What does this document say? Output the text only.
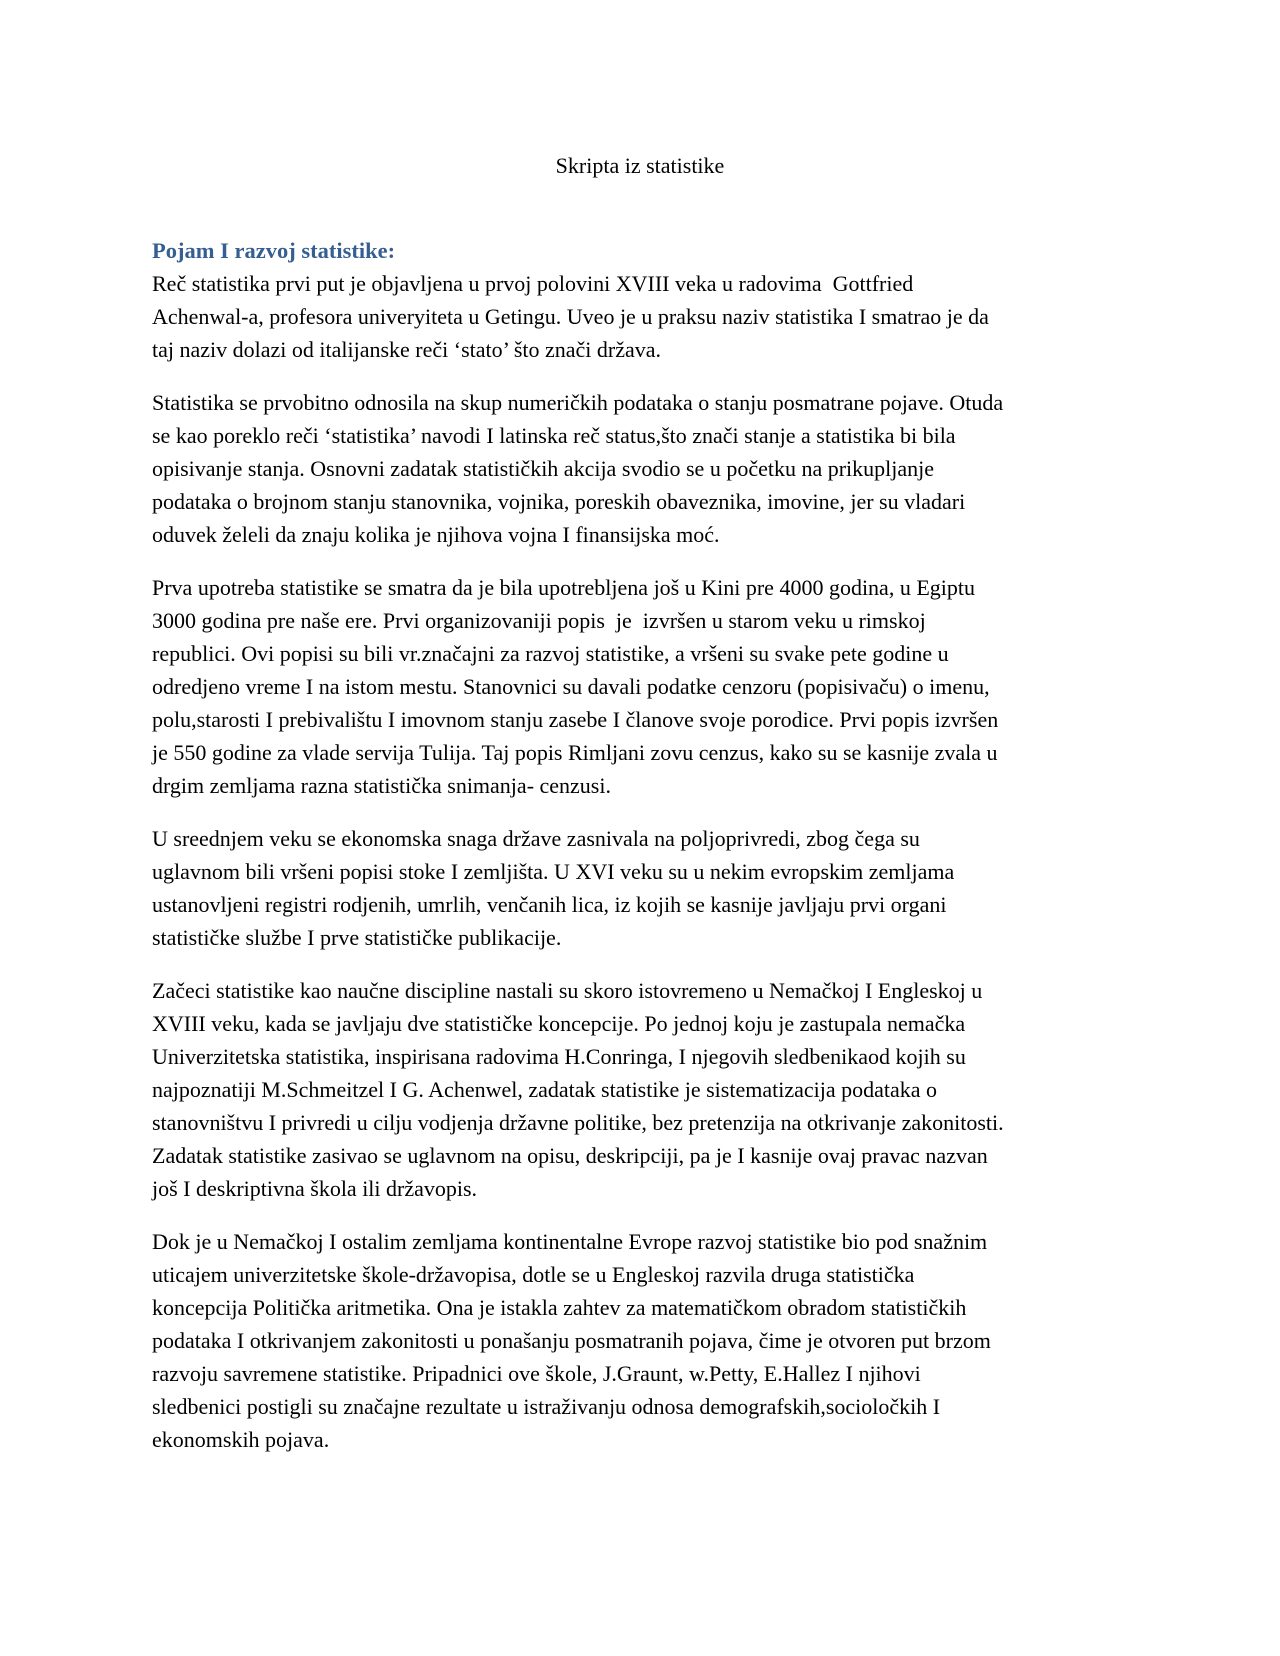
Skripta iz statistike
Pojam I razvoj statistike:
Reč statistika prvi put je objavljena u prvoj polovini XVIII veka u radovima  Gottfried
Achenwal-a, profesora univeryiteta u Getingu. Uveo je u praksu naziv statistika I smatrao je da
taj naziv dolazi od italijanske reči ‘stato’ što znači država.
Statistika se prvobitno odnosila na skup numeričkih podataka o stanju posmatrane pojave. Otuda
se kao poreklo reči ‘statistika’ navodi I latinska reč status,što znači stanje a statistika bi bila
opisivanje stanja. Osnovni zadatak statističkih akcija svodio se u početku na prikupljanje
podataka o brojnom stanju stanovnika, vojnika, poreskih obaveznika, imovine, jer su vladari
oduvek želeli da znaju kolika je njihova vojna I finansijska moć.
Prva upotreba statistike se smatra da je bila upotrebljena još u Kini pre 4000 godina, u Egiptu
3000 godina pre naše ere. Prvi organizovaniji popis  je  izvršen u starom veku u rimskoj
republici. Ovi popisi su bili vr.značajni za razvoj statistike, a vršeni su svake pete godine u
odredjeno vreme I na istom mestu. Stanovnici su davali podatke cenzoru (popisivaču) o imenu,
polu,starosti I prebivalištu I imovnom stanju zasebe I članove svoje porodice. Prvi popis izvršen
je 550 godine za vlade servija Tulija. Taj popis Rimljani zovu cenzus, kako su se kasnije zvala u
drgim zemljama razna statistička snimanja- cenzusi.
U sreednjem veku se ekonomska snaga države zasnivala na poljoprivredi, zbog čega su
uglavnom bili vršeni popisi stoke I zemljišta. U XVI veku su u nekim evropskim zemljama
ustanovljeni registri rodjenih, umrlih, venčanih lica, iz kojih se kasnije javljaju prvi organi
statističke službe I prve statističke publikacije.
Začeci statistike kao naučne discipline nastali su skoro istovremeno u Nemačkoj I Engleskoj u
XVIII veku, kada se javljaju dve statističke koncepcije. Po jednoj koju je zastupala nemačka
Univerzitetska statistika, inspirisana radovima H.Conringa, I njegovih sledbenikaod kojih su
najpoznatiji M.Schmeitzel I G. Achenwel, zadatak statistike je sistematizacija podataka o
stanovništvu I privredi u cilju vodjenja državne politike, bez pretenzija na otkrivanje zakonitosti.
Zadatak statistike zasivao se uglavnom na opisu, deskripciji, pa je I kasnije ovaj pravac nazvan
još I deskriptivna škola ili državopis.
Dok je u Nemačkoj I ostalim zemljama kontinentalne Evrope razvoj statistike bio pod snažnim
uticajem univerzitetske škole-državopisa, dotle se u Engleskoj razvila druga statistička
koncepcija Politička aritmetika. Ona je istakla zahtev za matematičkom obradom statističkih
podataka I otkrivanjem zakonitosti u ponašanju posmatranih pojava, čime je otvoren put brzom
razvoju savremene statistike. Pripadnici ove škole, J.Graunt, w.Petty, E.Hallez I njihovi
sledbenici postigli su značajne rezultate u istraživanju odnosa demografskih,socioločkih I
ekonomskih pojava.
